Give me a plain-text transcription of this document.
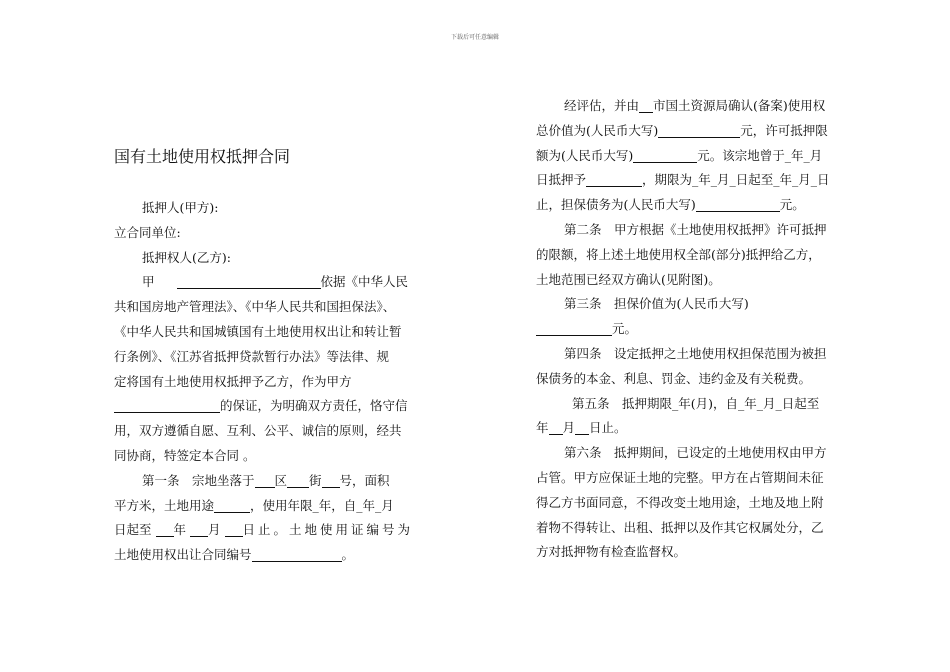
下载后可任意编辑
国有土地使用权抵押合同
抵押人(甲方):
立合同单位:
抵押权人(乙方):
甲	依据《中华人民
共和国房地产管理法》、《中华人民共和国担保法》、
《中华人民共和国城镇国有土地使用权出让和转让暂
行条例》、《江苏省抵押贷款暂行办法》等法律、规
定将国有土地使用权抵押予乙方，作为甲方
的保证，为明确双方责任，恪守信
用，双方遵循自愿、互利、公平、诚信的原则，经共
同协商，特签定本合同 。
第一条　宗地坐落于 区 街 号，面积
平方米，土地用途	，使用年限_年，自_年_月
日起至 年 月 日止。土地使用证编号为
土地使用权出让合同编号	。
经评估，并由 市国土资源局确认(备案)使用权
总价值为(人民币大写)	元，许可抵押限
额为(人民币大写)	元。该宗地曾于_年_月
日抵押予	，期限为_年_月_日起至_年_月_日
止，担保债务为(人民币大写)	元。
第二条　甲方根据《土地使用权抵押》许可抵押
的限额，将上述土地使用权全部(部分)抵押给乙方，
土地范围已经双方确认(见附图)。
第三条　担保价值为(人民币大写)
元。
第四条　设定抵押之土地使用权担保范围为被担
保债务的本金、利息、罚金、违约金及有关税费。
第五条　抵押期限_年(月)，自_年_月_日起至
年 月 日止。
第六条　抵押期间，已设定的土地使用权由甲方
占管。甲方应保证土地的完整。甲方在占管期间未征
得乙方书面同意，不得改变土地用途，土地及地上附
着物不得转让、出租、抵押以及作其它权属处分，乙
方对抵押物有检查监督权。
